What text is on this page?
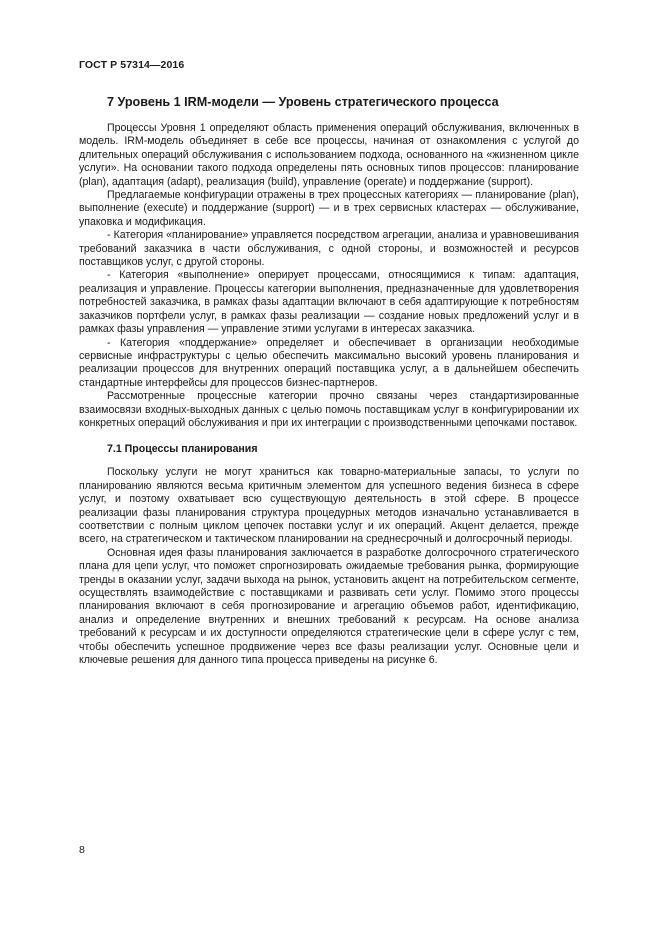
ГОСТ Р 57314—2016
7 Уровень 1 IRM-модели — Уровень стратегического процесса

Процессы Уровня 1 определяют область применения операций обслуживания, включенных в модель. IRM-модель объединяет в себе все процессы, начиная от ознакомления с услугой до длительных операций обслуживания с использованием подхода, основанного на «жизненном цикле услуги». На основании такого подхода определены пять основных типов процессов: планирование (plan), адаптация (adapt), реализация (build), управление (operate) и поддержание (support).

Предлагаемые конфигурации отражены в трех процессных категориях — планирование (plan), выполнение (execute) и поддержание (support) — и в трех сервисных кластерах — обслуживание, упаковка и модификация.

- Категория «планирование» управляется посредством агрегации, анализа и уравновешивания требований заказчика в части обслуживания, с одной стороны, и возможностей и ресурсов поставщиков услуг, с другой стороны.

- Категория «выполнение» оперирует процессами, относящимися к типам: адаптация, реализация и управление. Процессы категории выполнения, предназначенные для удовлетворения потребностей заказчика, в рамках фазы адаптации включают в себя адаптирующие к потребностям заказчиков портфели услуг, в рамках фазы реализации — создание новых предложений услуг и в рамках фазы управления — управление этими услугами в интересах заказчика.

- Категория «поддержание» определяет и обеспечивает в организации необходимые сервисные инфраструктуры с целью обеспечить максимально высокий уровень планирования и реализации процессов для внутренних операций поставщика услуг, а в дальнейшем обеспечить стандартные интерфейсы для процессов бизнес-партнеров.

Рассмотренные процессные категории прочно связаны через стандартизированные взаимосвязи входных-выходных данных с целью помочь поставщикам услуг в конфигурировании их конкретных операций обслуживания и при их интеграции с производственными цепочками поставок.

7.1 Процессы планирования

Поскольку услуги не могут храниться как товарно-материальные запасы, то услуги по планированию являются весьма критичным элементом для успешного ведения бизнеса в сфере услуг, и поэтому охватывает всю существующую деятельность в этой сфере. В процессе реализации фазы планирования структура процедурных методов изначально устанавливается в соответствии с полным циклом цепочек поставки услуг и их операций. Акцент делается, прежде всего, на стратегическом и тактическом планировании на среднесрочный и долгосрочный периоды.

Основная идея фазы планирования заключается в разработке долгосрочного стратегического плана для цепи услуг, что поможет спрогнозировать ожидаемые требования рынка, формирующие тренды в оказании услуг, задачи выхода на рынок, установить акцент на потребительском сегменте, осуществлять взаимодействие с поставщиками и развивать сети услуг. Помимо этого процессы планирования включают в себя прогнозирование и агрегацию объемов работ, идентификацию, анализ и определение внутренних и внешних требований к ресурсам. На основе анализа требований к ресурсам и их доступности определяются стратегические цели в сфере услуг с тем, чтобы обеспечить успешное продвижение через все фазы реализации услуг. Основные цели и ключевые решения для данного типа процесса приведены на рисунке 6.

8
